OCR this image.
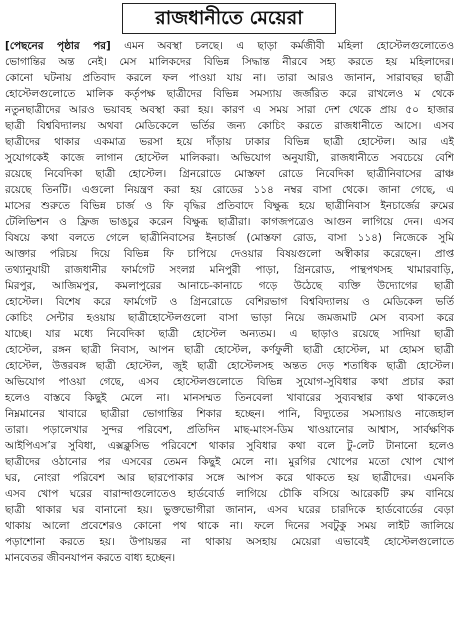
রাজধানীতে মেয়েরা
[পেছনের পৃষ্ঠার পর] এমন অবস্থা চলছে। এ ছাড়া কর্মজীবী মহিলা হোস্টেলগুলোতেও
ভোগান্তির অন্ত নেই। মেস মালিকদের বিভিন্ন সিদ্ধান্ত নীরবে সহ্য করতে হয় মহিলাদের।
কোনো ঘটনায় প্রতিবাদ করলে ফল পাওয়া যায় না। তারা আরও জানান, সারাবছর ছাত্রী
হোস্টেলগুলোতে মালিক কর্তৃপক্ষ ছাত্রীদের বিভিন্ন সমস্যায় জর্জরিত করে রাখলেও ম থেকে
নতুনছাত্রীদের আরও ভয়াবহ অবস্থা করা হয়। কারণ এ সময় সারা দেশ থেকে প্রায় ৫০ হাজার
ছাত্রী বিশ্ববিদ্যালয় অথবা মেডিকেলে ভর্তির জন্য কোচিং করতে রাজধানীতে আসে। এসব
ছাত্রীদের থাকার একমাত্র ভরসা হয়ে দাঁড়ায় ঢাকার বিভিন্ন ছাত্রী হোস্টেল। আর এই
সুযোগকেই কাজে লাগান হোস্টেল মালিকরা। অভিযোগ অনুযায়ী, রাজধানীতে সবচেয়ে বেশি
রয়েছে নিবেদিকা ছাত্রী হোস্টেল। গ্রিনরোডে মোস্তফা রোডে নিবেদিকা ছাত্রীনিবাসের ব্রাঞ্চ
রয়েছে তিনটি। এগুলো নিয়ন্ত্রণ করা হয় রোডের ১১৪ নম্বর বাসা থেকে। জানা গেছে, এ
মাসের শুরুতে বিভিন্ন চার্জ ও ফি বৃদ্ধির প্রতিবাদে বিক্ষুব্ধ হয়ে ছাত্রীনিবাস ইনচার্জের রুমের
টেলিভিশন ও ফ্রিজ ভাঙচুর করেন বিক্ষুব্ধ ছাত্রীরা। কাগজপত্রেও আগুন লাগিয়ে দেন। এসব
বিষয়ে কথা বলতে গেলে ছাত্রীনিবাসের ইনচার্জ (মোস্তফা রোড, বাসা ১১৪) নিজেকে সুমি
আক্তার পরিচয় দিয়ে বিভিন্ন ফি চাপিয়ে দেওয়ার বিষয়গুলো অস্বীকার করেছেন। প্রাপ্ত
তথ্যানুযায়ী রাজধানীর ফার্মগেট সংলগ্ন মনিপুরী পাড়া, গ্রিনরোড, পান্থপথসহ খামারবাড়ি,
মিরপুর, আজিমপুর, কমলাপুরের আনাচে-কানাচে গড়ে উঠেছে ব্যক্তি উদ্যোগের ছাত্রী
হোস্টেল। বিশেষ করে ফার্মগেট ও গ্রিনরোডে বেশিরভাগ বিশ্ববিদ্যালয় ও মেডিকেল ভর্তি
কোচিং সেন্টার হওয়ায় ছাত্রীহোস্টেলগুলো বাসা ভাড়া নিয়ে জমজমাট মেস ব্যবসা করে
যাচ্ছে। যার মধ্যে নিবেদিকা ছাত্রী হোস্টেল অন্যতম। এ ছাড়াও রয়েছে সাদিয়া ছাত্রী
হোস্টেল, রঙ্গন ছাত্রী নিবাস, আপন ছাত্রী হোস্টেল, কর্ণফুলী ছাত্রী হোস্টেল, মা হোমস ছাত্রী
হোস্টেল, উত্তরবঙ্গ ছাত্রী হোস্টেল, জুই ছাত্রী হোস্টেলসহ অন্তত দেড় শতাধিক ছাত্রী হোস্টেল।
অভিযোগ পাওয়া গেছে, এসব হোস্টেলগুলোতে বিভিন্ন সুযোগ-সুবিধার কথা প্রচার করা
হলেও বাস্তবে কিছুই মেলে না। মানসম্মত তিনবেলা খাবারের সুব্যবস্থার কথা থাকলেও
নিম্নমানের খাবারে ছাত্রীরা ভোগান্তির শিকার হচ্ছেন। পানি, বিদ্যুতের সমস্যায়ও নাজেহাল
তারা। পড়ালেখার সুন্দর পরিবেশ, প্রতিদিন মাছ-মাংস-ডিম খাওয়ানোর আশ্বাস, সার্বক্ষণিক
আইপিএস’র সুবিধা, এক্সক্লুসিভ পরিবেশে থাকার সুবিধার কথা বলে টু-লেট টানানো হলেও
ছাত্রীদের ওঠানোর পর এসবের তেমন কিছুই মেলে না। মুরগির খোপের মতো খোপ খোপ
ঘর, নোংরা পরিবেশ আর ছারপোকার সঙ্গে আপস করে থাকতে হয় ছাত্রীদের। এমনকি
এসব খোপ ঘরের বারান্দাগুলোতেও হার্ডবোর্ড লাগিয়ে চৌকি বসিয়ে আরেকটি রুম বানিয়ে
ছাত্রী থাকার ঘর বানানো হয়। ভুক্তভোগীরা জানান, এসব ঘরের চারদিকে হার্ডবোর্ডের বেড়া
থাকায় আলো প্রবেশেরও কোনো পথ থাকে না। ফলে দিনের সবটুকু সময় লাইট জালিয়ে
পড়াশোনা করতে হয়। উপায়ন্তর না থাকায় অসহায় মেয়েরা এভাবেই হোস্টেলগুলোতে
মানবেতর জীবনযাপন করতে বাধ্য হচ্ছেন।
